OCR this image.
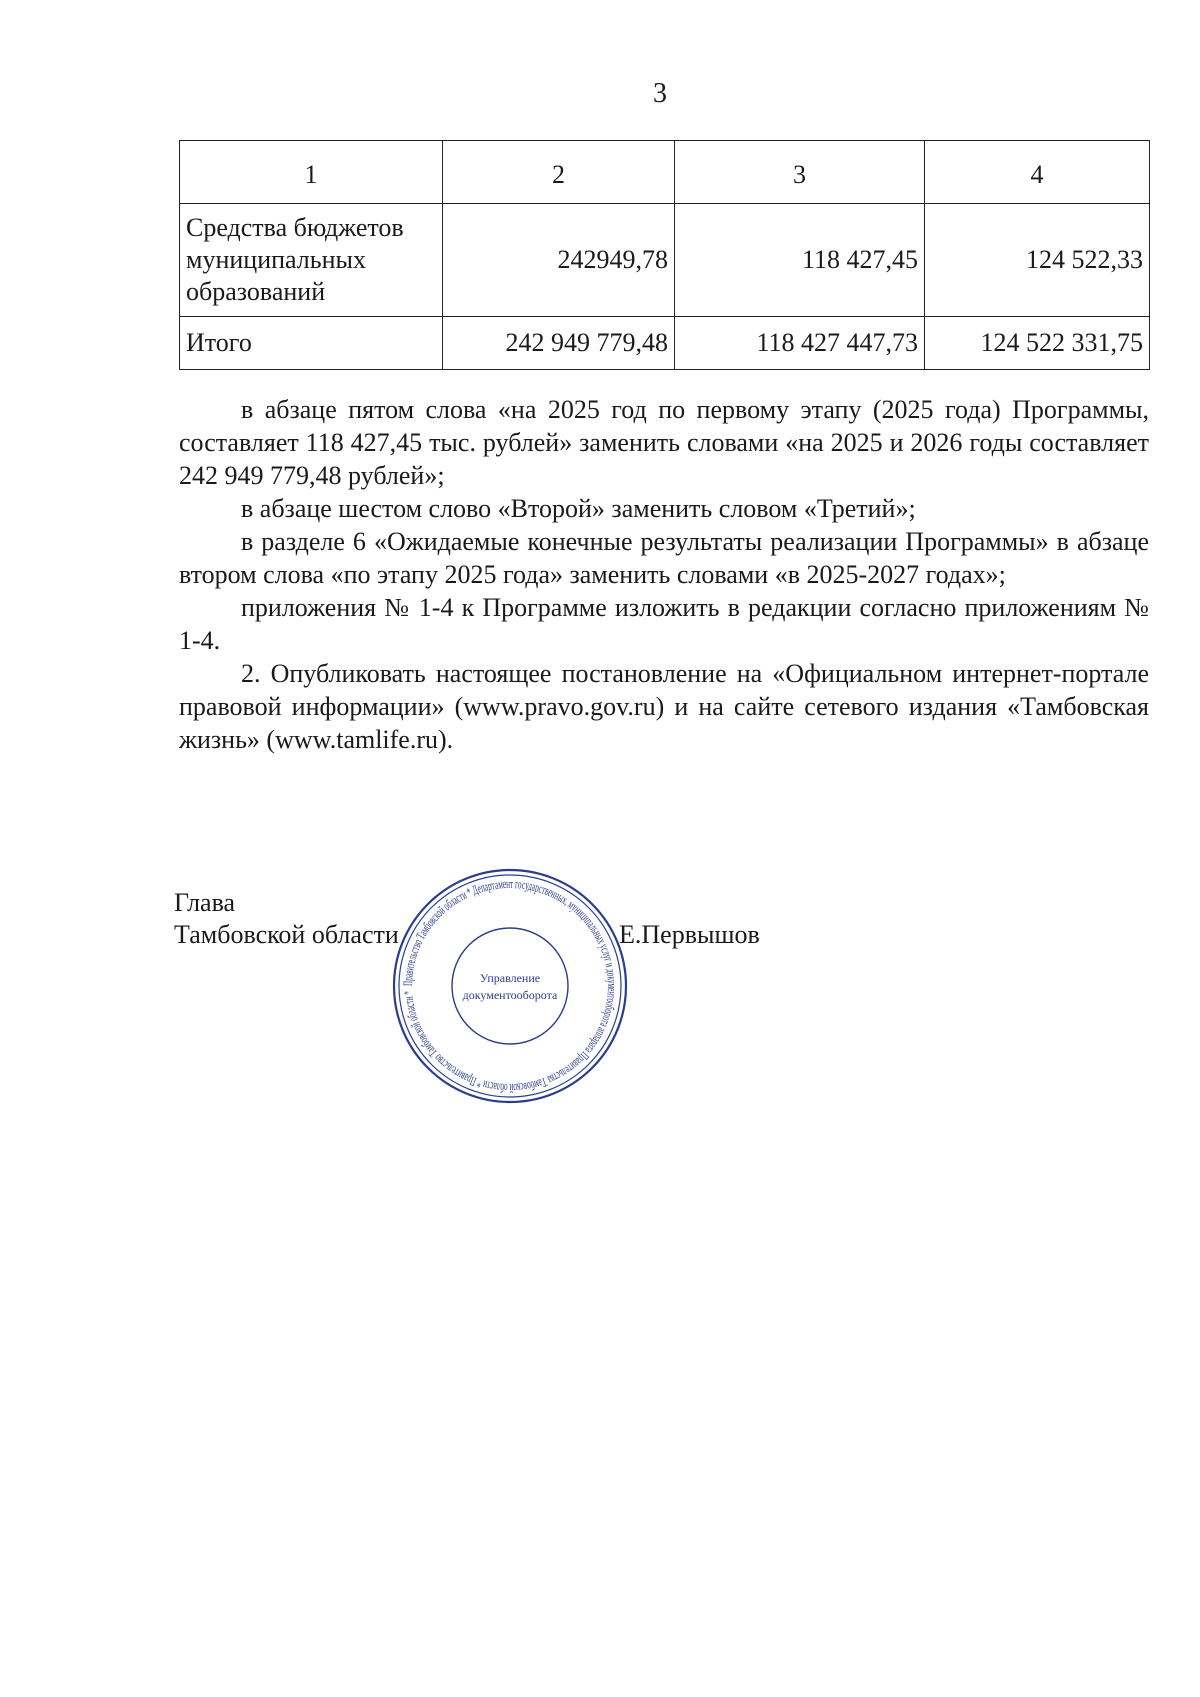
3
1	2	3	4

Средства бюджетов
муниципальных
образований	242949,78	118 427,45	124 522,33
Итого	242 949 779,48	118 427 447,73	124 522 331,75

в абзаце пятом слова «на 2025 год по первому этапу (2025 года) Программы, составляет 118 427,45 тыс. рублей» заменить словами «на 2025 и 2026 годы составляет 242 949 779,48 рублей»;

в абзаце шестом слово «Второй» заменить словом «Третий»;

в разделе 6 «Ожидаемые конечные результаты реализации Программы» в абзаце втором слова «по этапу 2025 года» заменить словами «в 2025-2027 годах»;

приложения № 1-4 к Программе изложить в редакции согласно приложениям № 1-4.

2. Опубликовать настоящее постановление на «Официальном интернет-портале правовой информации» (www.pravo.gov.ru) и на сайте сетевого издания «Тамбовская жизнь» (www.tamlife.ru).

Глава
Тамбовской области	Е.Первышов
Правительство Тамбовской области * Департамент государственных, муниципальных услуг и документооборота аппарата Правительства Тамбовской области * Правительство Тамбовской области *
Управление
документооборота
